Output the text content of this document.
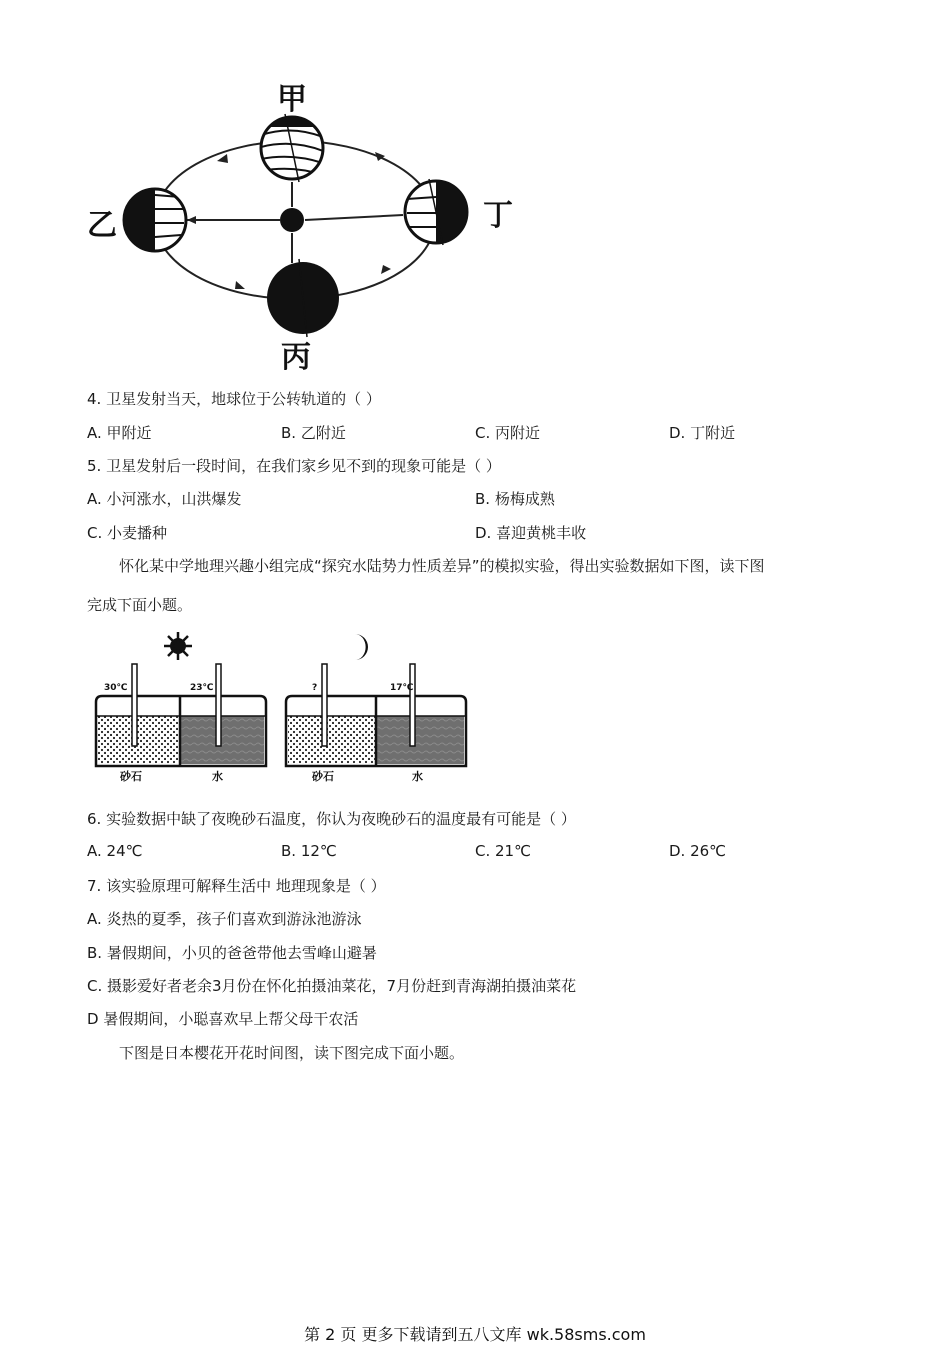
甲
乙	丁
丙
4. 卫星发射当天，地球位于公转轨道的（ ）
A. 甲附近	B. 乙附近	C. 丙附近	D. 丁附近
5. 卫星发射后一段时间，在我们家乡见不到的现象可能是（ ）
A. 小河涨水，山洪爆发	B. 杨梅成熟
C. 小麦播种	D. 喜迎黄桃丰收
怀化某中学地理兴趣小组完成“探究水陆势力性质差异”的模拟实验，得出实验数据如下图，读下图
完成下面小题。
30℃	23℃
砂石	水
?	17℃
砂石	水
6. 实验数据中缺了夜晚砂石温度，你认为夜晚砂石的温度最有可能是（ ）
A. 24℃	B. 12℃	C. 21℃	D. 26℃
7. 该实验原理可解释生活中 地理现象是（ ）
A. 炎热的夏季，孩子们喜欢到游泳池游泳
B. 暑假期间，小贝的爸爸带他去雪峰山避暑
C. 摄影爱好者老余3月份在怀化拍摄油菜花，7月份赶到青海湖拍摄油菜花
D 暑假期间，小聪喜欢早上帮父母干农活
下图是日本樱花开花时间图，读下图完成下面小题。
第 2 页 更多下载请到五八文库 wk.58sms.com
